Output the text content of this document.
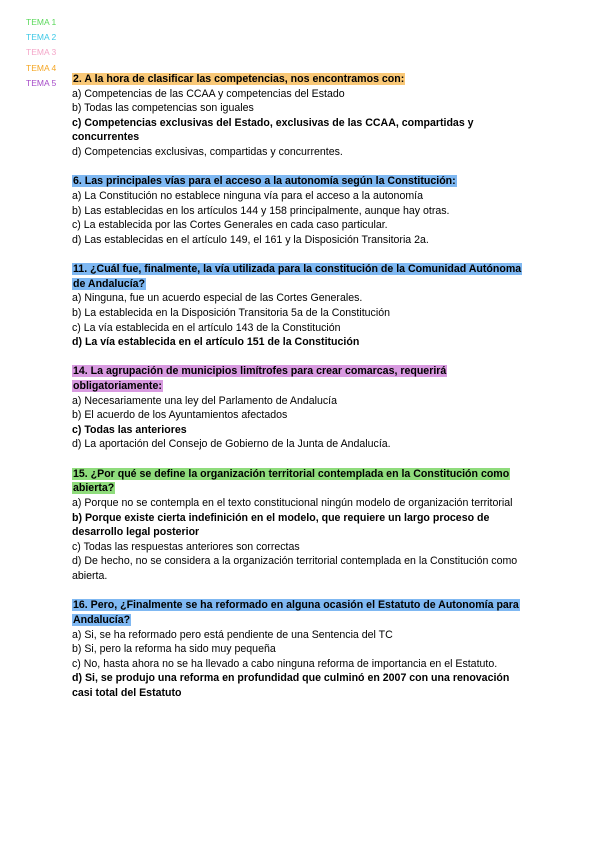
TEMA 1
TEMA 2
TEMA 3
TEMA 4
TEMA 5 2. A la hora de clasificar las competencias, nos encontramos con:
a) Competencias de las CCAA y competencias del Estado
b) Todas las competencias son iguales
c) Competencias exclusivas del Estado, exclusivas de las CCAA, compartidas y concurrentes
d) Competencias exclusivas, compartidas y concurrentes.
6. Las principales vías para el acceso a la autonomía según la Constitución:
a) La Constitución no establece ninguna vía para el acceso a la autonomía
b) Las establecidas en los artículos 144 y 158 principalmente, aunque hay otras.
c) La establecida por las Cortes Generales en cada caso particular.
d) Las establecidas en el artículo 149, el 161 y la Disposición Transitoria 2a.
11. ¿Cuál fue, finalmente, la vía utilizada para la constitución de la Comunidad Autónoma de Andalucía?
a) Ninguna, fue un acuerdo especial de las Cortes Generales.
b) La establecida en la Disposición Transitoria 5a de la Constitución
c) La vía establecida en el artículo 143 de la Constitución
d) La vía establecida en el artículo 151 de la Constitución
14. La agrupación de municipios limítrofes para crear comarcas, requerirá obligatoriamente:
a) Necesariamente una ley del Parlamento de Andalucía
b) El acuerdo de los Ayuntamientos afectados
c) Todas las anteriores
d) La aportación del Consejo de Gobierno de la Junta de Andalucía.
15. ¿Por qué se define la organización territorial contemplada en la Constitución como abierta?
a) Porque no se contempla en el texto constitucional ningún modelo de organización territorial
b) Porque existe cierta indefinición en el modelo, que requiere un largo proceso de desarrollo legal posterior
c) Todas las respuestas anteriores son correctas
d) De hecho, no se considera a la organización territorial contemplada en la Constitución como abierta.
16. Pero, ¿Finalmente se ha reformado en alguna ocasión el Estatuto de Autonomía para Andalucía?
a) Si, se ha reformado pero está pendiente de una Sentencia del TC
b) Si, pero la reforma ha sido muy pequeña
c) No, hasta ahora no se ha llevado a cabo ninguna reforma de importancia en el Estatuto.
d) Si, se produjo una reforma en profundidad que culminó en 2007 con una renovación casi total del Estatuto
